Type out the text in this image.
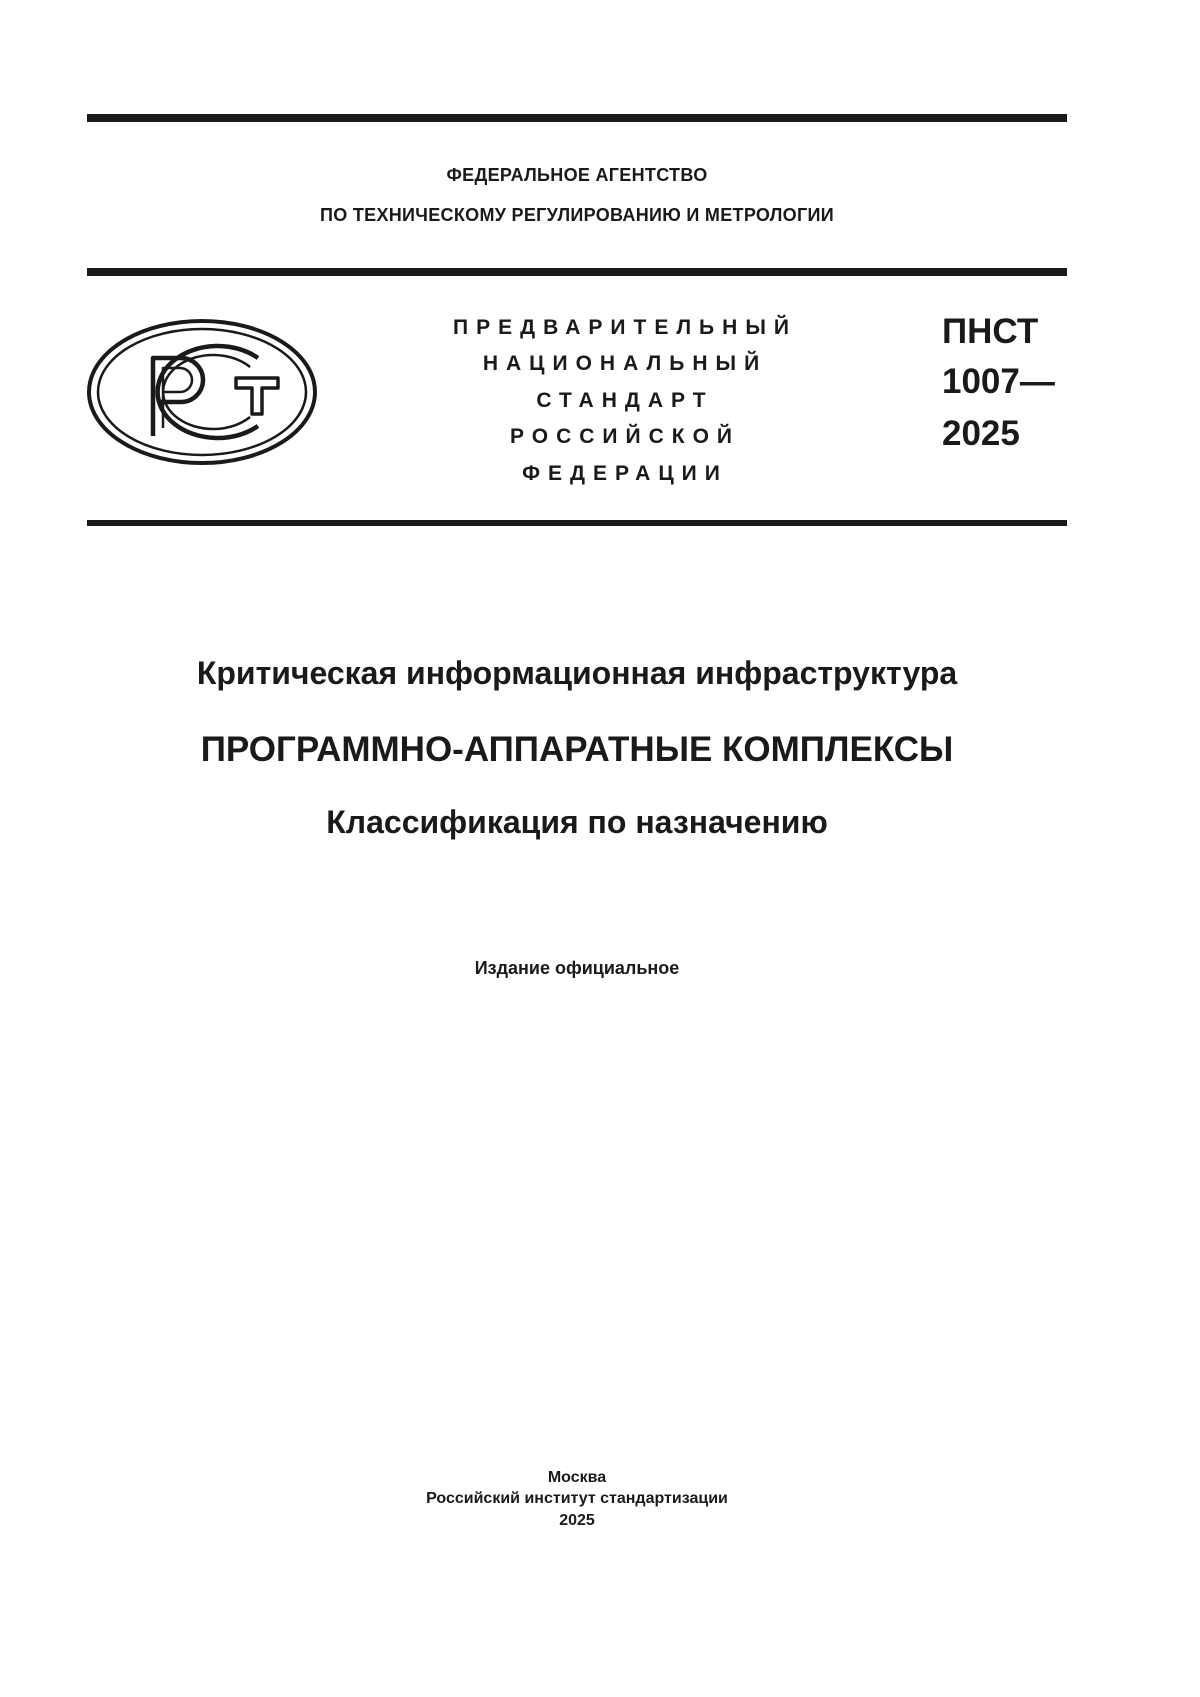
ФЕДЕРАЛЬНОЕ АГЕНТСТВО
ПО ТЕХНИЧЕСКОМУ РЕГУЛИРОВАНИЮ И МЕТРОЛОГИИ
ПРЕДВАРИТЕЛЬНЫЙ
НАЦИОНАЛЬНЫЙ
СТАНДАРТ
РОССИЙСКОЙ
ФЕДЕРАЦИИ
ПНСТ
1007—
2025
Критическая информационная инфраструктура
ПРОГРАММНО-АППАРАТНЫЕ КОМПЛЕКСЫ
Классификация по назначению
Издание официальное
Москва
Российский институт стандартизации
2025
